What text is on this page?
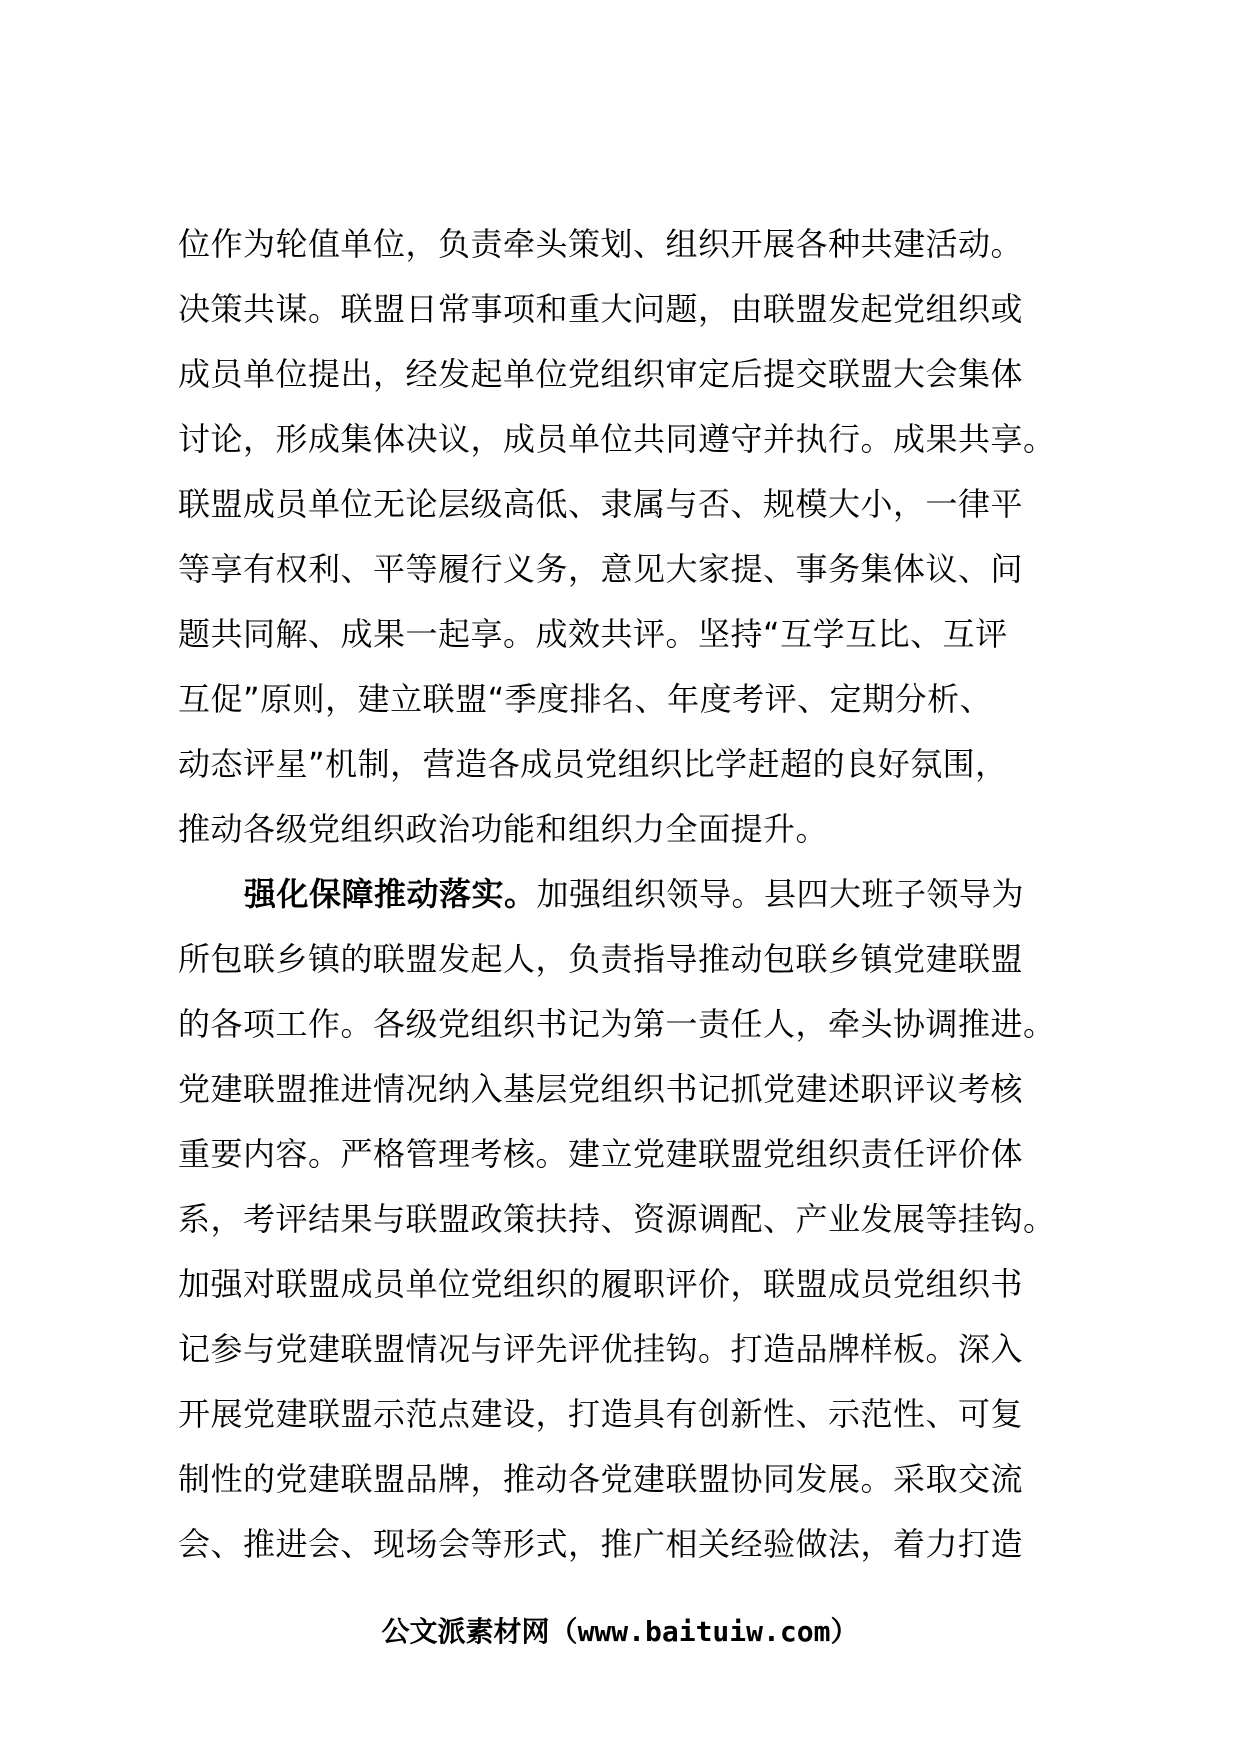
位作为轮值单位，负责牵头策划、组织开展各种共建活动。
决策共谋。联盟日常事项和重大问题，由联盟发起党组织或
成员单位提出，经发起单位党组织审定后提交联盟大会集体
讨论，形成集体决议，成员单位共同遵守并执行。成果共享。
联盟成员单位无论层级高低、隶属与否、规模大小，一律平
等享有权利、平等履行义务，意见大家提、事务集体议、问
题共同解、成果一起享。成效共评。坚持“互学互比、互评
互促”原则，建立联盟“季度排名、年度考评、定期分析、
动态评星”机制，营造各成员党组织比学赶超的良好氛围，
推动各级党组织政治功能和组织力全面提升。
强化保障推动落实。加强组织领导。县四大班子领导为
所包联乡镇的联盟发起人，负责指导推动包联乡镇党建联盟
的各项工作。各级党组织书记为第一责任人，牵头协调推进。
党建联盟推进情况纳入基层党组织书记抓党建述职评议考核
重要内容。严格管理考核。建立党建联盟党组织责任评价体
系，考评结果与联盟政策扶持、资源调配、产业发展等挂钩。
加强对联盟成员单位党组织的履职评价，联盟成员党组织书
记参与党建联盟情况与评先评优挂钩。打造品牌样板。深入
开展党建联盟示范点建设，打造具有创新性、示范性、可复
制性的党建联盟品牌，推动各党建联盟协同发展。采取交流
会、推进会、现场会等形式，推广相关经验做法，着力打造
公文派素材网（www.baituiw.com）
